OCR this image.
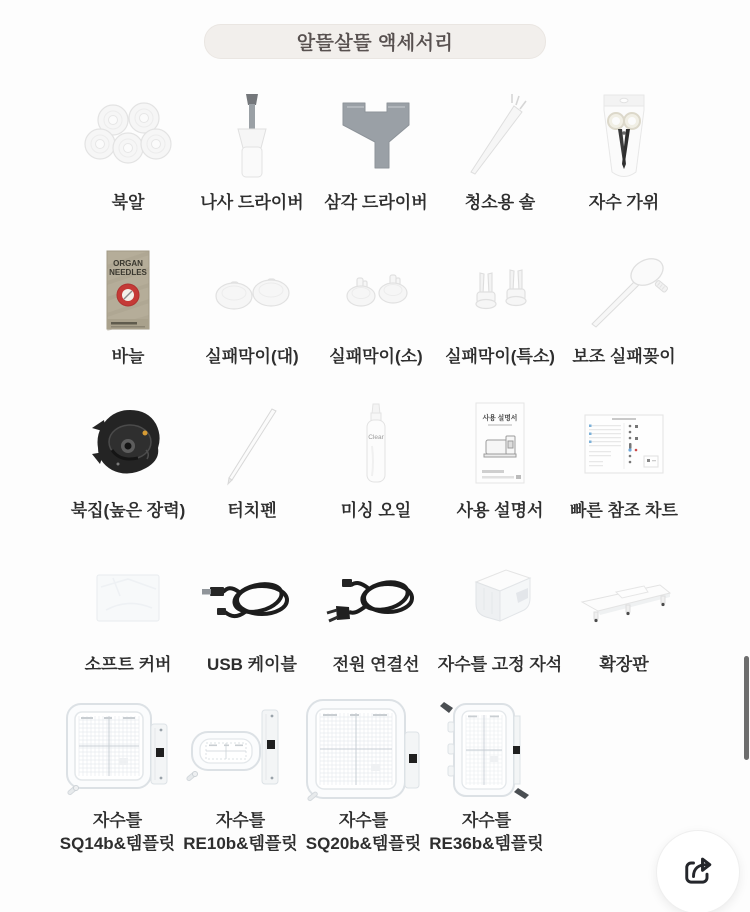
알뜰살뜰 액세서리
북알	나사 드라이버 삼각 드라이버 청소용 솔	자수 가위
ORGAN
NEEDLES
바늘	실패막이(대) 실패막이(소) 실패막이(특소) 보조 실패꽂이
북집(높은 장력) 터치펜
Clear
미싱 오일
사용 설명서
사용 설명서 빠른 참조 차트
소프트 커버 USB 케이블 전원 연결선 자수틀 고정 자석 확장판
자수틀
SQ14b&템플릿
자수틀
RE10b&템플릿
자수틀
SQ20b&템플릿
자수틀
RE36b&템플릿
